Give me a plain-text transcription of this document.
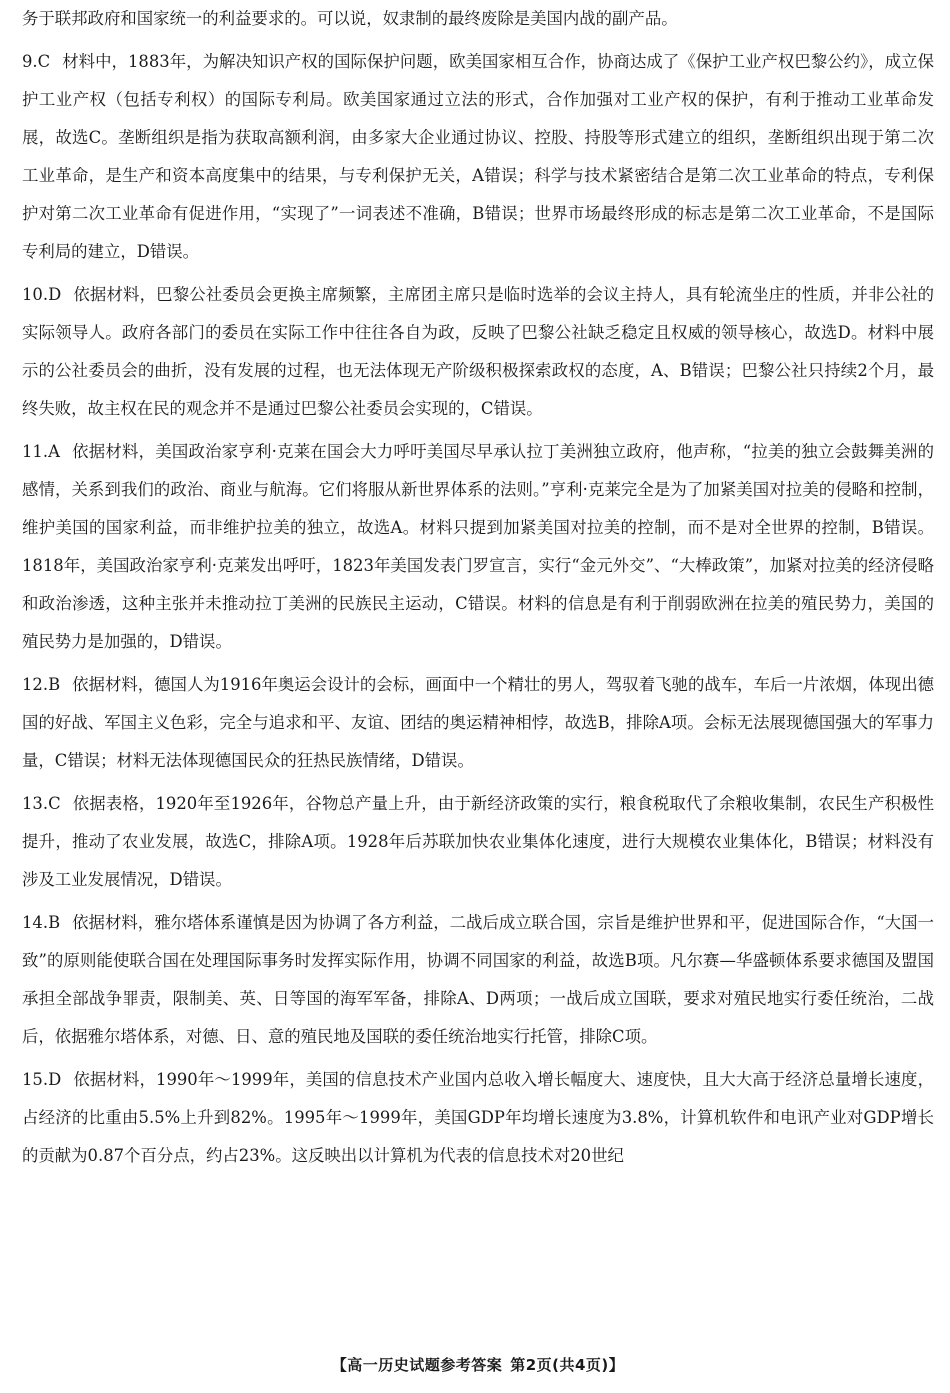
务于联邦政府和国家统一的利益要求的。可以说，奴隶制的最终废除是美国内战的副产品。

9.C 材料中，1883年，为解决知识产权的国际保护问题，欧美国家相互合作，协商达成了《保护工业产权巴黎公约》，成立保护工业产权（包括专利权）的国际专利局。欧美国家通过立法的形式，合作加强对工业产权的保护，有利于推动工业革命发展，故选C。垄断组织是指为获取高额利润，由多家大企业通过协议、控股、持股等形式建立的组织，垄断组织出现于第二次工业革命，是生产和资本高度集中的结果，与专利保护无关，A错误；科学与技术紧密结合是第二次工业革命的特点，专利保护对第二次工业革命有促进作用，“实现了”一词表述不准确，B错误；世界市场最终形成的标志是第二次工业革命，不是国际专利局的建立，D错误。

10.D 依据材料，巴黎公社委员会更换主席频繁，主席团主席只是临时选举的会议主持人，具有轮流坐庄的性质，并非公社的实际领导人。政府各部门的委员在实际工作中往往各自为政，反映了巴黎公社缺乏稳定且权威的领导核心，故选D。材料中展示的公社委员会的曲折，没有发展的过程，也无法体现无产阶级积极探索政权的态度，A、B错误；巴黎公社只持续2个月，最终失败，故主权在民的观念并不是通过巴黎公社委员会实现的，C错误。

11.A 依据材料，美国政治家亨利·克莱在国会大力呼吁美国尽早承认拉丁美洲独立政府，他声称，“拉美的独立会鼓舞美洲的感情，关系到我们的政治、商业与航海。它们将服从新世界体系的法则。”亨利·克莱完全是为了加紧美国对拉美的侵略和控制，维护美国的国家利益，而非维护拉美的独立，故选A。材料只提到加紧美国对拉美的控制，而不是对全世界的控制，B错误。1818年，美国政治家亨利·克莱发出呼吁，1823年美国发表门罗宣言，实行“金元外交”、“大棒政策”，加紧对拉美的经济侵略和政治渗透，这种主张并未推动拉丁美洲的民族民主运动，C错误。材料的信息是有利于削弱欧洲在拉美的殖民势力，美国的殖民势力是加强的，D错误。

12.B 依据材料，德国人为1916年奥运会设计的会标，画面中一个精壮的男人，驾驭着飞驰的战车，车后一片浓烟，体现出德国的好战、军国主义色彩，完全与追求和平、友谊、团结的奥运精神相悖，故选B，排除A项。会标无法展现德国强大的军事力量，C错误；材料无法体现德国民众的狂热民族情绪，D错误。

13.C 依据表格，1920年至1926年，谷物总产量上升，由于新经济政策的实行，粮食税取代了余粮收集制，农民生产积极性提升，推动了农业发展，故选C，排除A项。1928年后苏联加快农业集体化速度，进行大规模农业集体化，B错误；材料没有涉及工业发展情况，D错误。

14.B 依据材料，雅尔塔体系谨慎是因为协调了各方利益，二战后成立联合国，宗旨是维护世界和平，促进国际合作，“大国一致”的原则能使联合国在处理国际事务时发挥实际作用，协调不同国家的利益，故选B项。凡尔赛—华盛顿体系要求德国及盟国承担全部战争罪责，限制美、英、日等国的海军军备，排除A、D两项；一战后成立国联，要求对殖民地实行委任统治，二战后，依据雅尔塔体系，对德、日、意的殖民地及国联的委任统治地实行托管，排除C项。

15.D 依据材料，1990年～1999年，美国的信息技术产业国内总收入增长幅度大、速度快，且大大高于经济总量增长速度，占经济的比重由5.5%上升到82%。1995年～1999年，美国GDP年均增长速度为3.8%，计算机软件和电讯产业对GDP增长的贡献为0.87个百分点，约占23%。这反映出以计算机为代表的信息技术对20世纪

【高一历史试题参考答案 第2页(共4页)】
